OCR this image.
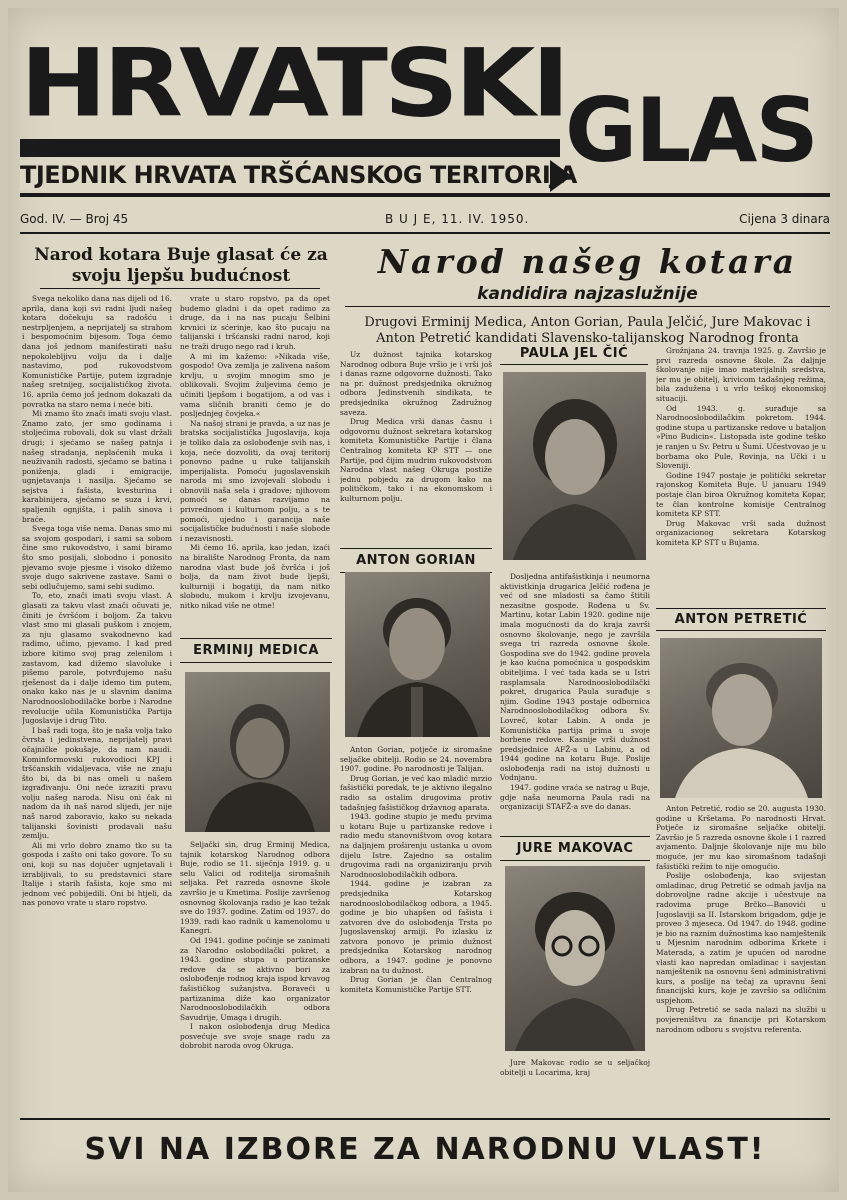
HRVATSKI
GLAS
TJEDNIK HRVATA TRŠĆANSKOG TERITORIJA
God. IV. — Broj 45	B U J E, 11. IV. 1950.	Cijena 3 dinara
Narod kotara Buje glasat će za svoju ljepšu budućnost

Svega nekoliko dana nas dijeli od 16. aprila, dana koji svi radni ljudi našeg kotara dočekuju sa radošću i nestrpljenjem, a neprijatelj sa strahom i bespomoćnim bijesom. Toga ćemo dana još jednom manifestirati našu nepokolebljivu volju da i dalje nastavimo, pod rukovodstvom Komunističke Partije, putem izgradnje našeg sretnijeg, socijalističkog života. 16. aprila ćemo još jednom dokazati da povratka na staro nema i neće biti.

Mi znamo što znači imati svoju vlast. Znamo zato, jer smo godinama i stoljećima robovali, dok su vlast držali drugi; i sjećamo se našeg patnja i našeg stradanja, neplaćenih muka i neuživanih radosti, sjećamo se batina i poniženja, gladi i emigracije, ugnjetavanja i nasilja. Sjećamo se sejstva i fašista, kvesturina i karabinijera, sjećamo se suza i krvi, spaljenih ognjišta, i palih sinova i braće.

Svega toga više nema. Danas smo mi sa svojom gospodari, i sami sa sobom čine smo rukovodstvo, i sami biramo što smo posijali, slobodno i ponosito pjevamo svoje pjesme i visoko dižemo svoje dugo sakrivene zastave. Sami o sebi odlučujemo, sami sebi sudimo.

To, eto, znači imati svoju vlast. A glasati za takvu vlast znači očuvati je, činiti je čvršćom i boljom. Za takvu vlast smo mi glasali puškom i znojem, za nju glasamo svakodnevno kad radimo, učimo, pjevamo. I kad pred izbore kitimo svoj prag zelenilom i zastavom, kad dižemo slavoluke i pišemo parole, potvrđujemo našu rješenost da i dalje idemo tim putem, onako kako nas je u slavnim danima Narodnooslobodilačke borbe i Narodne revolucije učila Komunistička Partija Jugoslavije i drug Tito.

I baš radi toga, što je naša volja tako čvrsta i jedinstvena, neprijatelj pravi očajničke pokušaje, da nam naudi. Kominformovski rukovodioci KPJ i tršćanskih vidaljevaca, više ne znaju što bi, da bi nas omeli u našem izgrađivanju. Oni neće izraziti pravu volju našeg naroda. Nisu oni čak ni nadom da ih naš narod slijedi, jer nije naš narod zaboravio, kako su nekada talijanski šovinisti prodavali našu zemlju.

Ali mi vrlo dobro znamo tko su ta gospoda i zašto oni tako govore. To su oni, koji su nas dojučer ugnjetavali i izrabljivali, to su predstavnici stare Italije i starih fašista, koje smo mi jednom već pobijedili. Oni bi htjeli, da nas ponovo vrate u staro ropstvo.

vrate u staro ropstvo, pa da opet budemo gladni i da opet radimo za druge, da i na nas pucaju Šelbini krvnici iz sćerinje, kao što pucaju na talijanski i tršćanski radni narod, koji ne traži drugo nego rad i kruh.

A mi im kažemo: »Nikada više, gospodo! Ova zemlja je zalivena našom krvlju, u svojim mnogim smo je oblikovali. Svojim žuljevima ćemo je učiniti ljepšom i bogatijom, a od vas i vama sličnih braniti ćemo je do posljednjeg čovjeka.«

Na našoj strani je pravda, a uz nas je bratska socijalistička Jugoslavija, koja je toliko dala za oslobođenje svih nas, i koja, neće dozvoliti, da ovaj teritorij ponovno padne u ruke talijanskih imperijalista. Pomoću jugoslavenskih naroda mi smo izvojevali slobodu i obnovili naša sela i gradove; njihovom pomoći se danas razvijamo na privrednom i kulturnom polju, a s te pomoći, ujedno i garancija naše socijalističke budućnosti i naše slobode i nezavisnosti.

Mi ćemo 16. aprila, kao jedan, izaći na biralište Narodnog Fronta, da nam narodna vlast bude još čvršća i još bolja, da nam život bude ljepši, kulturniji i bogatiji, da nam nitko slobodu, mukom i krvlju izvojevanu, nitko nikad više ne otme!

ERMINIJ MEDICA

Seljački sin, drug Erminij Medica, tajnik kotarskog Narodnog odbora Buje, rodio se 11. siječnja 1919. g. u selu Valici od roditelja siromašnih seljaka. Pet razreda osnovne škole završio je u Kmetima. Poslije završenog osnovnog školovanja radio je kao težak sve do 1937. godine. Zatim od 1937. do 1939. radi kao radnik u kamenolomu u Kanegri.

Od 1941. godine počinje se zanimati za Narodno oslobodilački pokret, a 1943. godine stupa u partizanske redove da se aktivno bori za oslobođenje rodnog kraja ispod krvavog fašističkog sužanjstva. Boraveći u partizanima diže kao organizator Narodnooslobodilačkih odbora Savudrije, Umaga i drugih.

I nakon oslobođenja drug Medica posvećuje sve svoje snage radu za dobrobit naroda ovog Okruga.

Narod našeg kotara
kandidira najzaslužnije
Drugovi Erminij Medica, Anton Gorian, Paula Jelčić, Jure Makovac i Anton Petretić kandidati Slavensko-talijanskog Narodnog fronta

Uz dužnost tajnika kotarskog Narodnog odbora Buje vršio je i vrši još i danas razne odgovorne dužnosti. Tako na pr. dužnost predsjednika okružnog odbora Jedinstvenih sindikata, te predsjednika okružnog Zadružnog saveza.

Drug Medica vrši danas časnu i odgovornu dužnost sekretara kotarskog komiteta Komunističke Partije i člana Centralnog komiteta KP STT — one Partije, pod čijim mudrim rukovodstvom Narodna vlast našeg Okruga postiže jednu pobjedu za drugom kako na političkom, tako i na ekonomskom i kulturnom polju.

PAULA JEL ČIĆ	Grožnjana 24. travnja 1925. g. Završio je prvi razreda osnovne škole. Za daljnje školovanje nije imao materijalnih sredstva, jer mu je obitelj, krivicom tadašnjeg režima, bila zadužena i u vrlo teškoj ekonomskoj situaciji.

Od 1943. g. surađuje sa Narodnooslobodilačkim pokretom. 1944. godine stupa u partizanske redove u bataljon »Pino Budicin«. Listopada iste godine teško je ranjen u Sv. Petru u Šumi. Učestvovao je u borbama oko Pule, Rovinja, na Učki i u Sloveniji.

Godine 1947 postaje je politički sekretar rajonskog Komiteta Buje. U januaru 1949 postaje član biroa Okružnog komiteta Kopar, te član kontrolne komisije Centralnog komiteta KP STT.

Drug Makovac vrši sada dužnost organizacionog sekretara Kotarskog komiteta KP STT u Bujama.

ANTON GORIAN

Anton Gorian, potječe iz siromašne seljačke obitelji. Rodio se 24. novembra 1907. godine. Po narodnosti je Talijan.

Drug Gorian, je već kao mladić mrzio fašistički poredak, te je aktivno ilegalno radio sa ostalim drugovima protiv tadašnjeg fašističkog državnog aparata.

1943. godine stupio je među prvima u kotaru Buje u partizanske redove i radio među stanovništvom ovog kotara na daljnjem proširenju ustanka u ovom dijelu Istre. Zajedno sa ostalim drugovima radi na organiziranju prvih Narodnooslobodilačkih odbora.

1944. godine je izabran za predsjednika Kotarskog narodnooslobodilačkog odbora, a 1945. godine je bio uhapšen od fašista i zatvoren dve do oslobođenja Trsta po Jugoslavenskoj armiji. Po izlasku iz zatvora ponovo je primio dužnost predsjednika Kotarskog narodnog odbora, a 1947. godine je ponovno izabran na tu dužnost.

Drug Gorian je član Centralnog komiteta Komunističke Partije STT.

Dosljedna antifašistkinja i neumorna aktivistkinja drugarica Jelčić rođena je već od sne mladosti sa čamo štitili nezasitne gospode. Rođena u Sv. Martinu, kotar Labin 1920. godine nije imala mogućnosti da do kraja završi osnovno školovanje, nego je završila svega tri razreda osnovne škole. Gospodina sve do 1942. godine provela je kao kućna pomoćnica u gospodskim obiteljima. I već tada kada se u Istri rasplamsala Narodnooslobodilački pokret, drugarica Paula surađuje s njim. Godine 1943 postaje odbornica Narodnooslobodilačkog odbora Sv. Lovreč, kotar Labin. A onda je Komunistička partija prima u svoje borbene redove. Kasnije vrši dužnost predsjednice AFŽ-a u Labinu, a od 1944 godine na kotaru Buje. Poslije oslobođenja radi na istoj dužnosti u Vodnjanu.

1947. godine vraća se natrag u Buje, gdje naša neumorna Paula radi na organizaciji STAFŽ-a sve do danas.

ANTON PETRETIĆ

Anton Petretić, rodio se 20. augusta 1930. godine u Kršetama. Po narodnosti Hrvat. Potječe iz siromašne seljačke obitelji. Završio je 5 razreda osnovne škole i 1 razred avjamento. Daljnje školovanje nije mu bilo moguće, jer mu kao siromašnom tadašnji fašistički režim to nije omogućio.

Poslije oslobođenja, kao svijestan omladinac, drug Petretić se odmah javlja na dobrovoljne radne akcije i učestvuje na radovima pruge Brčko—Banovići u Jugoslaviji sa II. Istarskom brigadom, gdje je proveo 3 mjeseca. Od 1947. do 1948. godine je bio na raznim dužnostima kao namještenik u Mjesnim narodnim odborima Krkete i Materada, a zatim je upućen od narodne vlasti kao napredan omladinac i savjestan namještenik na osnovnu šeni administrativni kurs, a poslije na tečaj za upravnu šeni financijski kurs, koje je završio sa odličnim uspjehom.

Drug Petretić se sada nalazi na službi u povjereništvu za financije pri Kotarskom narodnom odboru s svojstvu referenta.

JURE MAKOVAC

Jure Makovac rodio se u seljačkoj obitelji u Locarima, kraj

SVI NA IZBORE ZA NARODNU VLAST!
